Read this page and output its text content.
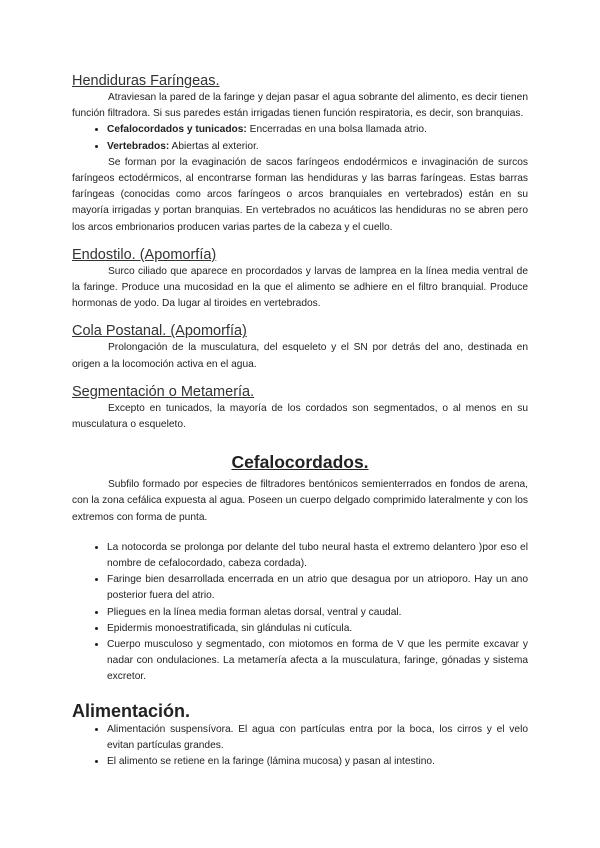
Hendiduras Faríngeas.

Atraviesan la pared de la faringe y dejan pasar el agua sobrante del alimento, es decir tienen función filtradora. Si sus paredes están irrigadas tienen función respiratoria, es decir, son branquias.

• Cefalocordados y tunicados: Encerradas en una bolsa llamada atrio.
• Vertebrados: Abiertas al exterior.

Se forman por la evaginación de sacos faríngeos endodérmicos e invaginación de surcos faríngeos ectodérmicos, al encontrarse forman las hendiduras y las barras faríngeas. Estas barras faríngeas (conocidas como arcos faríngeos o arcos branquiales en vertebrados) están en su mayoría irrigadas y portan branquias. En vertebrados no acuáticos las hendiduras no se abren pero los arcos embrionarios producen varias partes de la cabeza y el cuello.

Endostilo. (Apomorfía)

Surco ciliado que aparece en procordados y larvas de lamprea en la línea media ventral de la faringe. Produce una mucosidad en la que el alimento se adhiere en el filtro branquial. Produce hormonas de yodo. Da lugar al tiroides en vertebrados.

Cola Postanal. (Apomorfía)

Prolongación de la musculatura, del esqueleto y el SN por detrás del ano, destinada en origen a la locomoción activa en el agua.

Segmentación o Metamería.

Excepto en tunicados, la mayoría de los cordados son segmentados, o al menos en su musculatura o esqueleto.

Cefalocordados.

Subfilo formado por especies de filtradores bentónicos semienterrados en fondos de arena, con la zona cefálica expuesta al agua. Poseen un cuerpo delgado comprimido lateralmente y con los extremos con forma de punta.

• La notocorda se prolonga por delante del tubo neural hasta el extremo delantero )por eso el nombre de cefalocordado, cabeza cordada).
• Faringe bien desarrollada encerrada en un atrio que desagua por un atrioporo. Hay un ano posterior fuera del atrio.
• Pliegues en la línea media forman aletas dorsal, ventral y caudal.
• Epidermis monoestratificada, sin glándulas ni cutícula.
• Cuerpo musculoso y segmentado, con miotomos en forma de V que les permite excavar y nadar con ondulaciones. La metamería afecta a la musculatura, faringe, gónadas y sistema excretor.
Alimentación.
• Alimentación suspensívora. El agua con partículas entra por la boca, los cirros y el velo evitan partículas grandes.
• El alimento se retiene en la faringe (lámina mucosa) y pasan al intestino.
